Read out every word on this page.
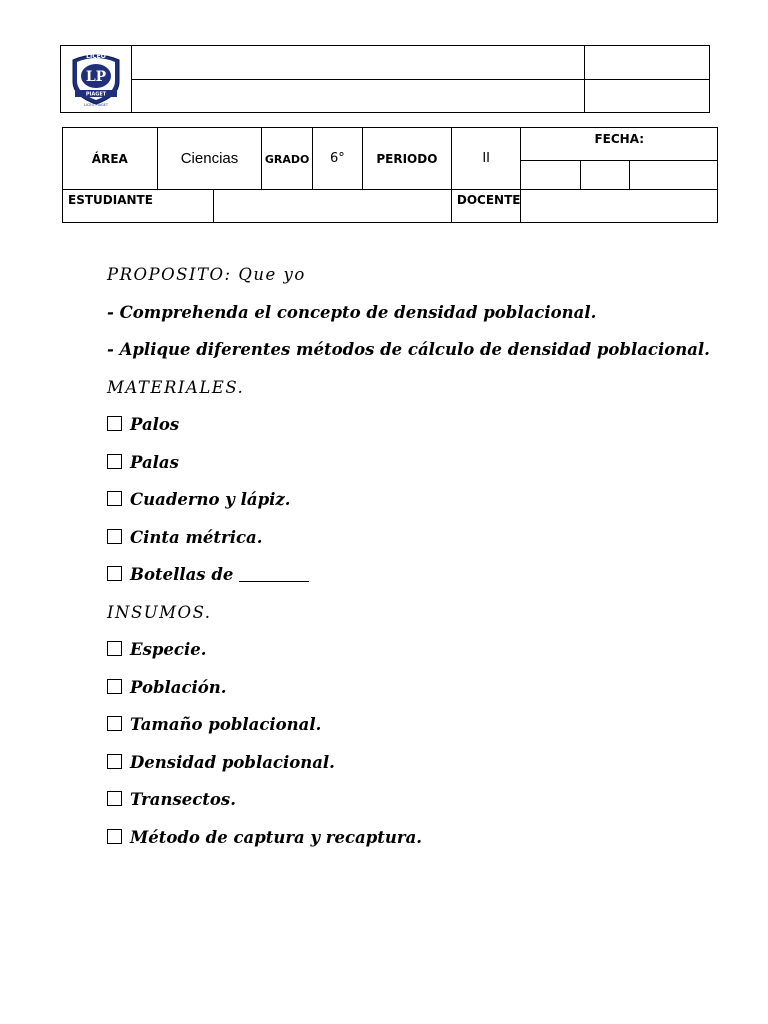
LP
LICEO
PIAGET
LICEO PIAGET		

ÁREA	Ciencias		GRADO	6°	PERIODO	II	FECHA:		

ESTUDIANTE						DOCENTE			
PROPOSITO: Que yo
- Comprehenda el concepto de densidad poblacional.
- Aplique diferentes métodos de cálculo de densidad poblacional.
MATERIALES.
Palos
Palas
Cuaderno y lápiz.
Cinta métrica.
Botellas de
INSUMOS.
Especie.
Población.
Tamaño poblacional.
Densidad poblacional.
Transectos.
Método de captura y recaptura.
